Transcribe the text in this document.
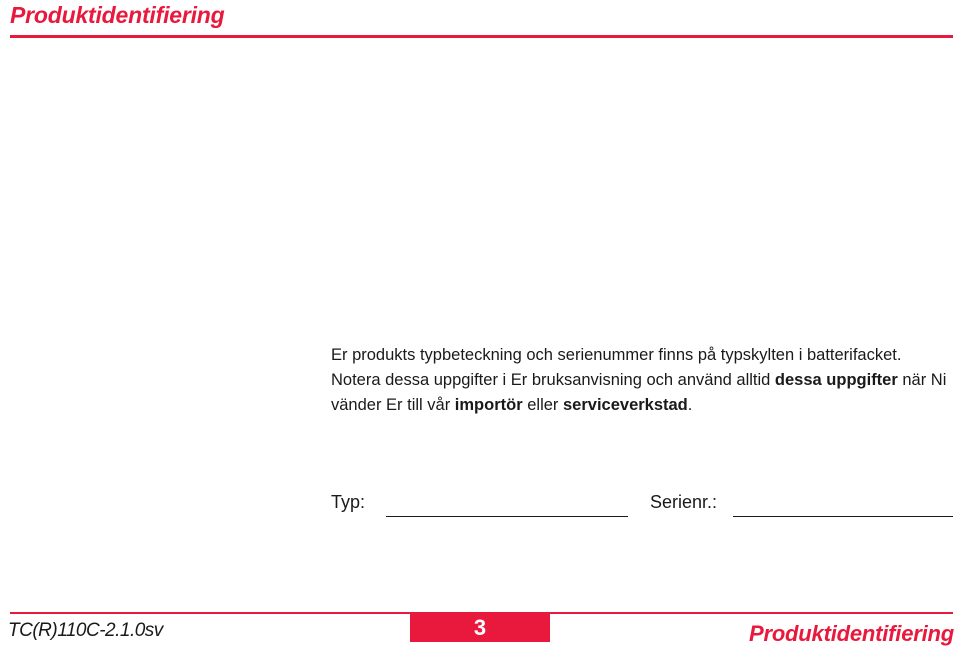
Produktidentifiering

Er produkts typbeteckning och serienummer finns på typskylten i batterifacket.

Notera dessa uppgifter i Er bruksanvisning och använd alltid dessa uppgifter när Ni vänder Er till vår importör eller serviceverkstad.

Typ:	Serienr.:
TC(R)110C-2.1.0sv	3	Produktidentifiering
